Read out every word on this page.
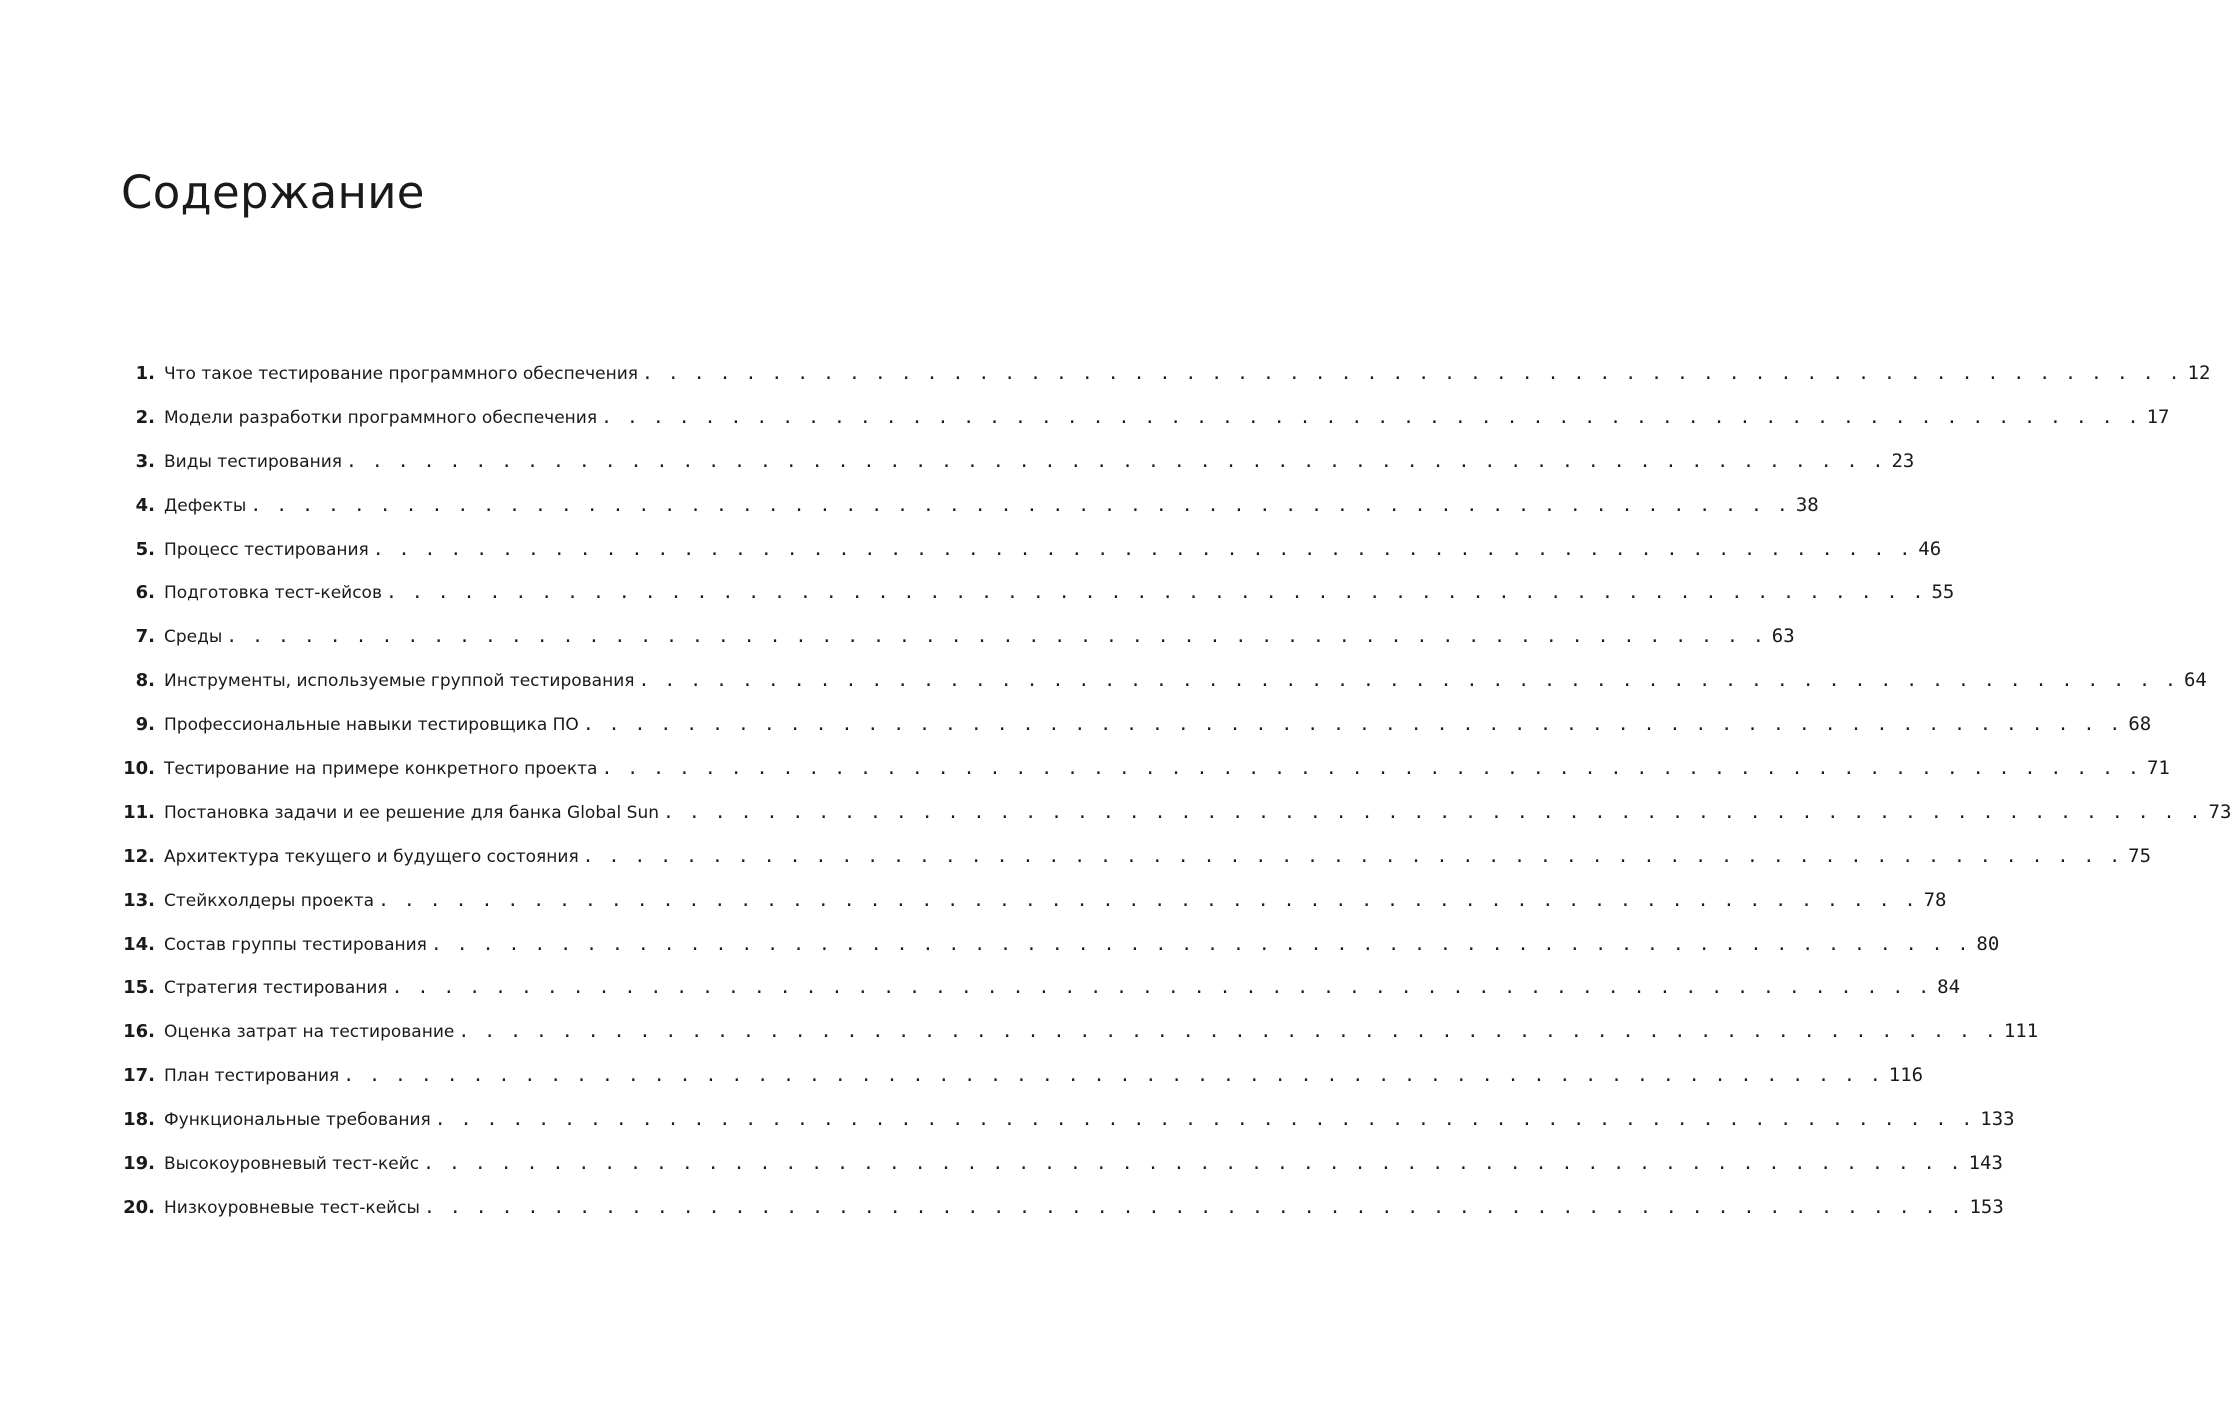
Содержание
1. Что такое тестирование программного обеспечения . . . . . . . . . . . . . . . . . . . . . . . . . . . . . . . . . . . . . . . . . . . . . . . . . . . . . . . . . . . . 12
2. Модели разработки программного обеспечения . . . . . . . . . . . . . . . . . . . . . . . . . . . . . . . . . . . . . . . . . . . . . . . . . . . . . . . . . . . . 17
3. Виды тестирования . . . . . . . . . . . . . . . . . . . . . . . . . . . . . . . . . . . . . . . . . . . . . . . . . . . . . . . . . . . . 23
4. Дефекты . . . . . . . . . . . . . . . . . . . . . . . . . . . . . . . . . . . . . . . . . . . . . . . . . . . . . . . . . . . . 38
5. Процесс тестирования . . . . . . . . . . . . . . . . . . . . . . . . . . . . . . . . . . . . . . . . . . . . . . . . . . . . . . . . . . . . 46
6. Подготовка тест-кейсов . . . . . . . . . . . . . . . . . . . . . . . . . . . . . . . . . . . . . . . . . . . . . . . . . . . . . . . . . . . . 55
7. Среды . . . . . . . . . . . . . . . . . . . . . . . . . . . . . . . . . . . . . . . . . . . . . . . . . . . . . . . . . . . . 63
8. Инструменты, используемые группой тестирования . . . . . . . . . . . . . . . . . . . . . . . . . . . . . . . . . . . . . . . . . . . . . . . . . . . . . . . . . . . . 64
9. Профессиональные навыки тестировщика ПО . . . . . . . . . . . . . . . . . . . . . . . . . . . . . . . . . . . . . . . . . . . . . . . . . . . . . . . . . . . . 68
10. Тестирование на примере конкретного проекта . . . . . . . . . . . . . . . . . . . . . . . . . . . . . . . . . . . . . . . . . . . . . . . . . . . . . . . . . . . . 71
11. Постановка задачи и ее решение для банка Global Sun . . . . . . . . . . . . . . . . . . . . . . . . . . . . . . . . . . . . . . . . . . . . . . . . . . . . . . . . . . . . 73
12. Архитектура текущего и будущего состояния . . . . . . . . . . . . . . . . . . . . . . . . . . . . . . . . . . . . . . . . . . . . . . . . . . . . . . . . . . . . 75
13. Стейкхолдеры проекта . . . . . . . . . . . . . . . . . . . . . . . . . . . . . . . . . . . . . . . . . . . . . . . . . . . . . . . . . . . . 78
14. Состав группы тестирования . . . . . . . . . . . . . . . . . . . . . . . . . . . . . . . . . . . . . . . . . . . . . . . . . . . . . . . . . . . . 80
15. Стратегия тестирования . . . . . . . . . . . . . . . . . . . . . . . . . . . . . . . . . . . . . . . . . . . . . . . . . . . . . . . . . . . . 84
16. Оценка затрат на тестирование . . . . . . . . . . . . . . . . . . . . . . . . . . . . . . . . . . . . . . . . . . . . . . . . . . . . . . . . . . . . 111
17. План тестирования . . . . . . . . . . . . . . . . . . . . . . . . . . . . . . . . . . . . . . . . . . . . . . . . . . . . . . . . . . . . 116
18. Функциональные требования . . . . . . . . . . . . . . . . . . . . . . . . . . . . . . . . . . . . . . . . . . . . . . . . . . . . . . . . . . . . 133
19. Высокоуровневый тест-кейс . . . . . . . . . . . . . . . . . . . . . . . . . . . . . . . . . . . . . . . . . . . . . . . . . . . . . . . . . . . . 143
20. Низкоуровневые тест-кейсы . . . . . . . . . . . . . . . . . . . . . . . . . . . . . . . . . . . . . . . . . . . . . . . . . . . . . . . . . . . . 153
